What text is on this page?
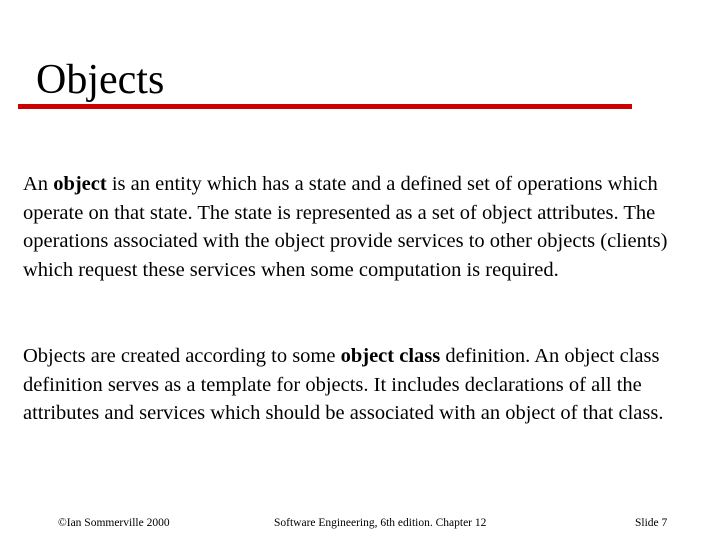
Objects

An object is an entity which has a state and a defined set of operations which operate on that state. The state is represented as a set of object attributes. The operations associated with the object provide services to other objects (clients) which request these services when some computation is required.

Objects are created according to some object class definition. An object class definition serves as a template for objects. It includes declarations of all the attributes and services which should be associated with an object of that class.

©Ian Sommerville 2000	Software Engineering, 6th edition. Chapter 12	Slide 7
